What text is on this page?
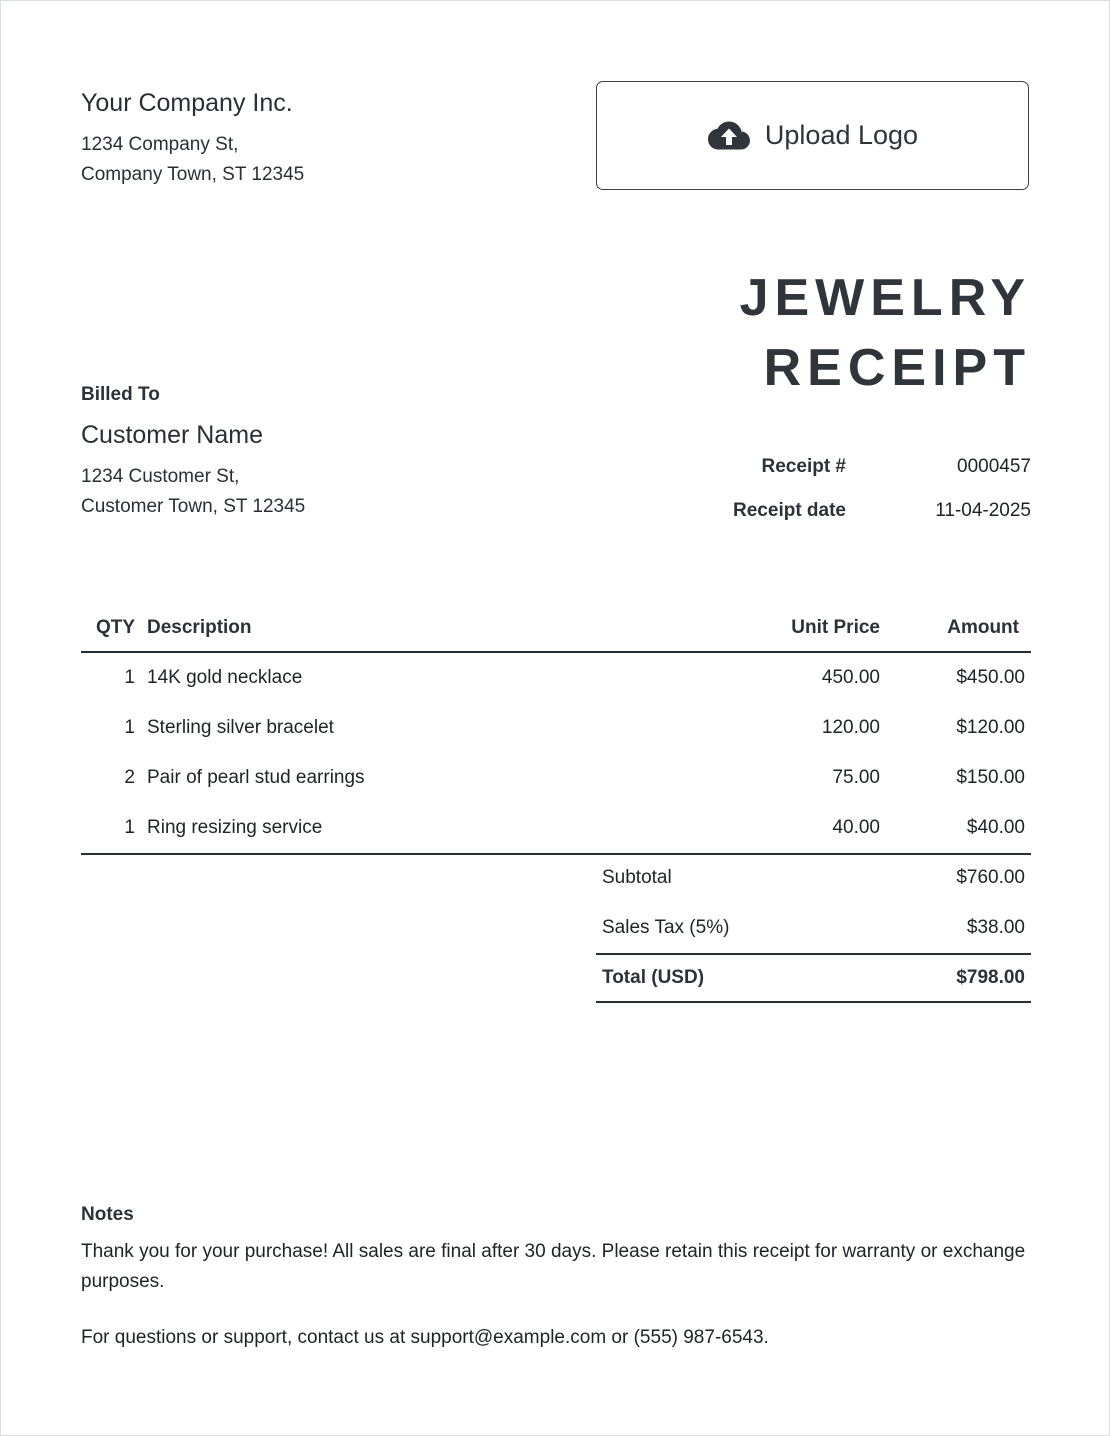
Your Company Inc.
1234 Company St,
Company Town, ST 12345
Upload Logo
JEWELRY
RECEIPT
Billed To
Customer Name
1234 Customer St,
Customer Town, ST 12345
Receipt #	0000457
Receipt date	11-04-2025
QTY Description	Unit Price	Amount
1 14K gold necklace	450.00	$450.00
1 Sterling silver bracelet	120.00	$120.00
2 Pair of pearl stud earrings	75.00	$150.00
1 Ring resizing service	40.00	$40.00
Subtotal	$760.00
Sales Tax (5%)	$38.00
Total (USD)	$798.00
Notes
Thank you for your purchase! All sales are final after 30 days. Please retain this receipt for warranty or exchange purposes.
For questions or support, contact us at support@example.com or (555) 987-6543.
